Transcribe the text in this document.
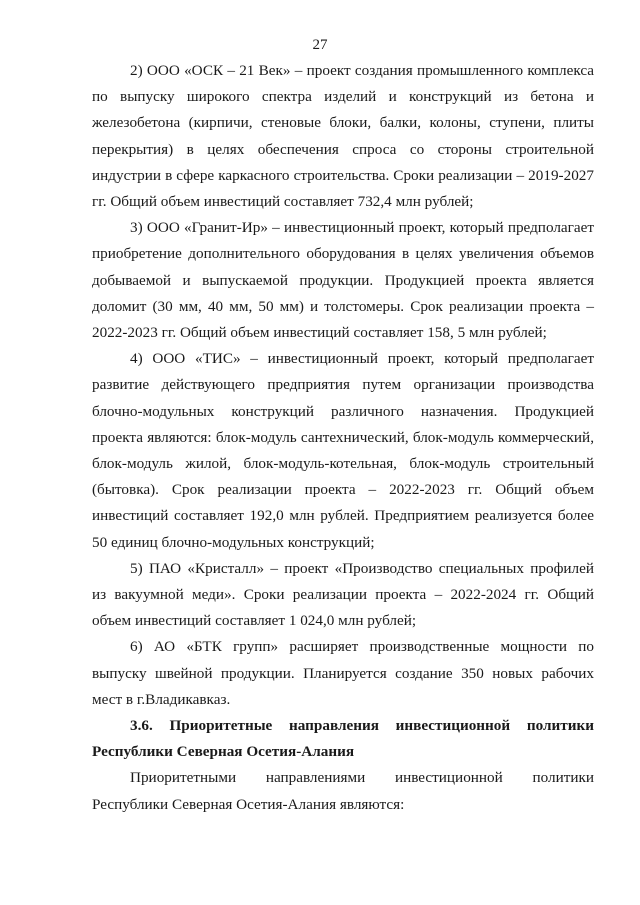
27

2) ООО «ОСК – 21 Век» – проект создания промышленного комплекса по выпуску широкого спектра изделий и конструкций из бетона и железобетона (кирпичи, стеновые блоки, балки, колоны, ступени, плиты перекрытия) в целях обеспечения спроса со стороны строительной индустрии в сфере каркасного строительства. Сроки реализации – 2019-2027 гг. Общий объем инвестиций составляет 732,4 млн рублей;

3) ООО «Гранит-Ир» – инвестиционный проект, который предполагает приобретение дополнительного оборудования в целях увеличения объемов добываемой и выпускаемой продукции. Продукцией проекта является доломит (30 мм, 40 мм, 50 мм) и толстомеры. Срок реализации проекта – 2022-2023 гг. Общий объем инвестиций составляет 158, 5 млн рублей;

4) ООО «ТИС» – инвестиционный проект, который предполагает развитие действующего предприятия путем организации производства блочно-модульных конструкций различного назначения. Продукцией проекта являются: блок-модуль сантехнический, блок-модуль коммерческий, блок-модуль жилой, блок-модуль-котельная, блок-модуль строительный (бытовка). Срок реализации проекта – 2022-2023 гг. Общий объем инвестиций составляет 192,0 млн рублей. Предприятием реализуется более 50 единиц блочно-модульных конструкций;

5) ПАО «Кристалл» – проект «Производство специальных профилей из вакуумной меди». Сроки реализации проекта – 2022-2024 гг. Общий объем инвестиций составляет 1 024,0 млн рублей;

6) АО «БТК групп» расширяет производственные мощности по выпуску швейной продукции. Планируется создание 350 новых рабочих мест в г.Владикавказ.

3.6. Приоритетные направления инвестиционной политики Республики Северная Осетия-Алания

Приоритетными направлениями инвестиционной политики Республики Северная Осетия-Алания являются:
